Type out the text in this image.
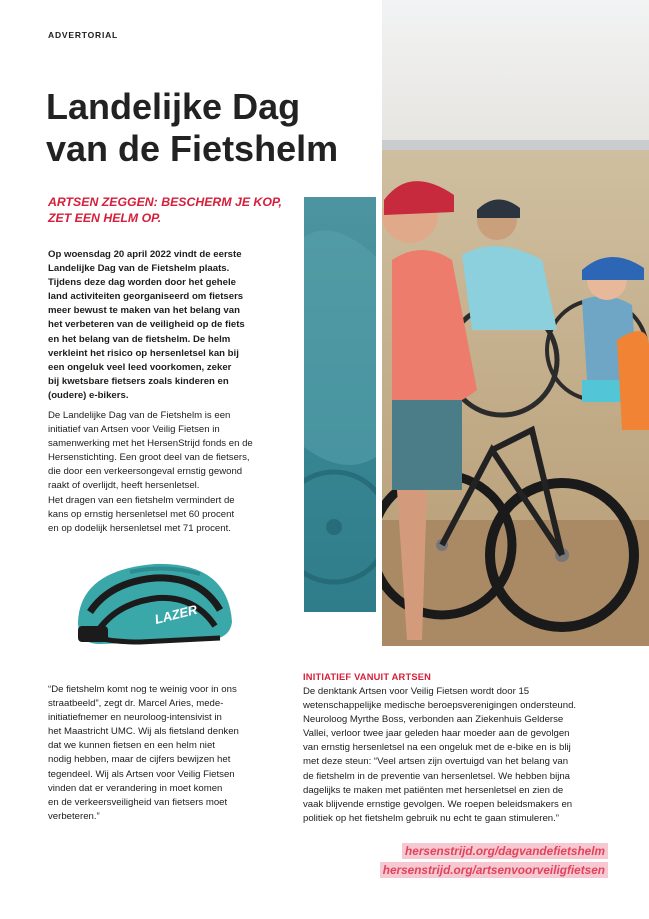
ADVERTORIAL
Landelijke Dag
van de Fietshelm
ARTSEN ZEGGEN: BESCHERM JE KOP,
ZET EEN HELM OP.
Op woensdag 20 april 2022 vindt de eerste
Landelijke Dag van de Fietshelm plaats.
Tijdens deze dag worden door het gehele
land activiteiten georganiseerd om fietsers
meer bewust te maken van het belang van
het verbeteren van de veiligheid op de fiets
en het belang van de fietshelm. De helm
verkleint het risico op hersenletsel kan bij
een ongeluk veel leed voorkomen, zeker
bij kwetsbare fietsers zoals kinderen en
(oudere) e-bikers.
De Landelijke Dag van de Fietshelm is een
initiatief van Artsen voor Veilig Fietsen in
samenwerking met het HersenStrijd fonds en de
Hersenstichting. Een groot deel van de fietsers,
die door een verkeersongeval ernstig gewond
raakt of overlijdt, heeft hersenletsel.
Het dragen van een fietshelm vermindert de
kans op ernstig hersenletsel met 60 procent
en op dodelijk hersenletsel met 71 procent.
LAZER
“De fietshelm komt nog te weinig voor in ons
straatbeeld”, zegt dr. Marcel Aries, mede-
initiatiefnemer en neuroloog-intensivist in
het Maastricht UMC. Wij als fietsland denken
dat we kunnen fietsen en een helm niet
nodig hebben, maar de cijfers bewijzen het
tegendeel. Wij als Artsen voor Veilig Fietsen
vinden dat er verandering in moet komen
en de verkeersveiligheid van fietsers moet
verbeteren.”
INITIATIEF VANUIT ARTSEN
De denktank Artsen voor Veilig Fietsen wordt door 15
wetenschappelijke medische beroepsverenigingen ondersteund.
Neuroloog Myrthe Boss, verbonden aan Ziekenhuis Gelderse
Vallei, verloor twee jaar geleden haar moeder aan de gevolgen
van ernstig hersenletsel na een ongeluk met de e-bike en is blij
met deze steun: “Veel artsen zijn overtuigd van het belang van
de fietshelm in de preventie van hersenletsel. We hebben bijna
dagelijks te maken met patiënten met hersenletsel en zien de
vaak blijvende ernstige gevolgen. We roepen beleidsmakers en
politiek op het fietshelm gebruik nu echt te gaan stimuleren.”
hersenstrijd.org/dagvandefietshelm
hersenstrijd.org/artsenvoorveiligfietsen
